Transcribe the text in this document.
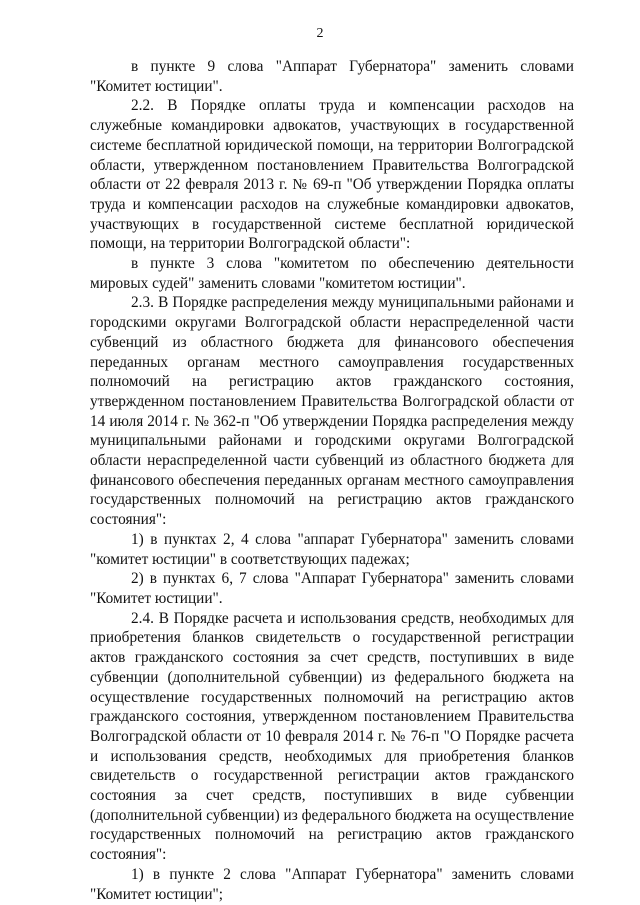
2

в пункте 9 слова "Аппарат Губернатора" заменить словами "Комитет юстиции".

2.2. В Порядке оплаты труда и компенсации расходов на служебные командировки адвокатов, участвующих в государственной системе бесплатной юридической помощи, на территории Волгоградской области, утвержденном постановлением Правительства Волгоградской области от 22 февраля 2013 г. № 69-п "Об утверждении Порядка оплаты труда и компенсации расходов на служебные командировки адвокатов, участвующих в государственной системе бесплатной юридической помощи, на территории Волгоградской области":

в пункте 3 слова "комитетом по обеспечению деятельности мировых судей" заменить словами "комитетом юстиции".

2.3. В Порядке распределения между муниципальными районами и городскими округами Волгоградской области нераспределенной части субвенций из областного бюджета для финансового обеспечения переданных органам местного самоуправления государственных полномочий на регистрацию актов гражданского состояния, утвержденном постановлением Правительства Волгоградской области от 14 июля 2014 г. № 362-п "Об утверждении Порядка распределения между муниципальными районами и городскими округами Волгоградской области нераспределенной части субвенций из областного бюджета для финансового обеспечения переданных органам местного самоуправления государственных полномочий на регистрацию актов гражданского состояния":

1) в пунктах 2, 4 слова "аппарат Губернатора" заменить словами "комитет юстиции" в соответствующих падежах;

2) в пунктах 6, 7 слова "Аппарат Губернатора" заменить словами "Комитет юстиции".

2.4. В Порядке расчета и использования средств, необходимых для приобретения бланков свидетельств о государственной регистрации актов гражданского состояния за счет средств, поступивших в виде субвенции (дополнительной субвенции) из федерального бюджета на осуществление государственных полномочий на регистрацию актов гражданского состояния, утвержденном постановлением Правительства Волгоградской области от 10 февраля 2014 г. № 76-п "О Порядке расчета и использования средств, необходимых для приобретения бланков свидетельств о государственной регистрации актов гражданского состояния за счет средств, поступивших в виде субвенции (дополнительной субвенции) из федерального бюджета на осуществление государственных полномочий на регистрацию актов гражданского состояния":

1) в пункте 2 слова "Аппарат Губернатора" заменить словами "Комитет юстиции";
